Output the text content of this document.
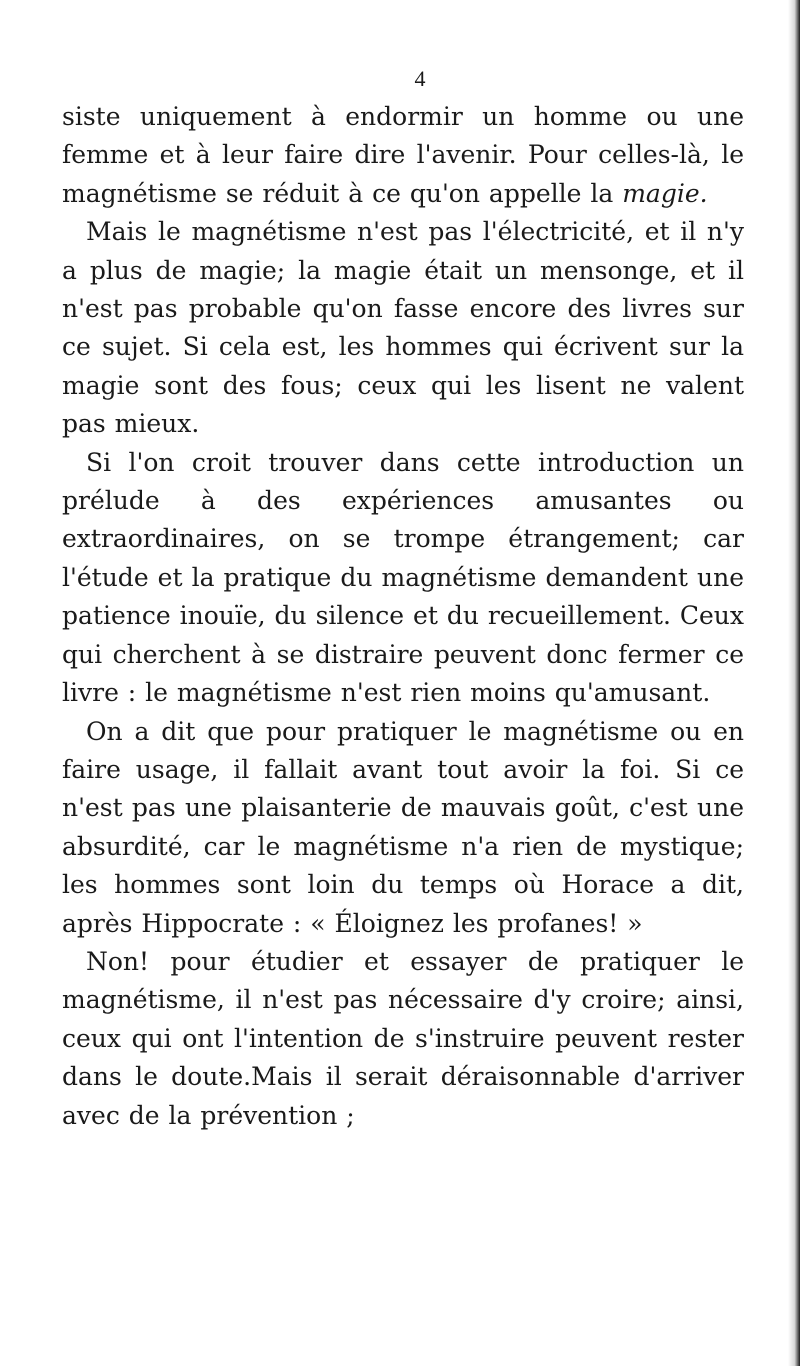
4

siste uniquement à endormir un homme ou une femme et à leur faire dire l'avenir. Pour celles-là, le magnétisme se réduit à ce qu'on appelle la magie.

Mais le magnétisme n'est pas l'électricité, et il n'y a plus de magie; la magie était un mensonge, et il n'est pas probable qu'on fasse encore des livres sur ce sujet. Si cela est, les hommes qui écrivent sur la magie sont des fous; ceux qui les lisent ne valent pas mieux.

Si l'on croit trouver dans cette introduction un prélude à des expériences amusantes ou extraordinaires, on se trompe étrangement; car l'étude et la pratique du magnétisme demandent une patience inouïe, du silence et du recueillement. Ceux qui cherchent à se distraire peuvent donc fermer ce livre : le magnétisme n'est rien moins qu'amusant.

On a dit que pour pratiquer le magnétisme ou en faire usage, il fallait avant tout avoir la foi. Si ce n'est pas une plaisanterie de mauvais goût, c'est une absurdité, car le magnétisme n'a rien de mystique; les hommes sont loin du temps où Horace a dit, après Hippocrate : « Éloignez les profanes! »

Non! pour étudier et essayer de pratiquer le magnétisme, il n'est pas nécessaire d'y croire; ainsi, ceux qui ont l'intention de s'instruire peuvent rester dans le doute.Mais il serait déraisonnable d'arriver avec de la prévention ;
